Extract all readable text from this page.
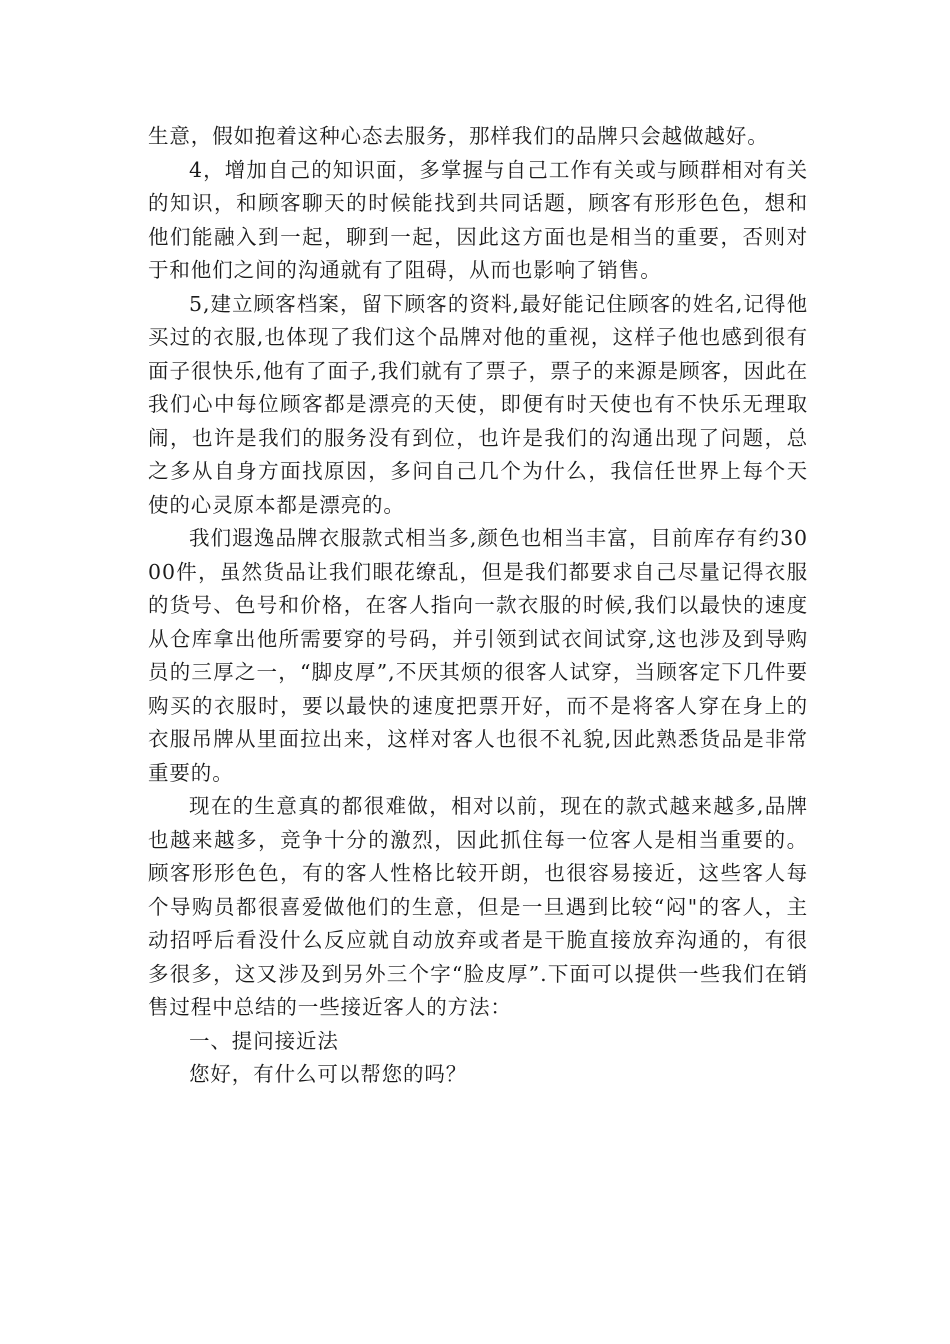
生意，假如抱着这种心态去服务，那样我们的品牌只会越做越好。

4，增加自己的知识面，多掌握与自己工作有关或与顾群相对有关的知识，和顾客聊天的时候能找到共同话题，顾客有形形色色，想和他们能融入到一起，聊到一起，因此这方面也是相当的重要，否则对于和他们之间的沟通就有了阻碍，从而也影响了销售。

5,建立顾客档案，留下顾客的资料,最好能记住顾客的姓名,记得他买过的衣服,也体现了我们这个品牌对他的重视，这样子他也感到很有面子很快乐,他有了面子,我们就有了票子，票子的来源是顾客，因此在我们心中每位顾客都是漂亮的天使，即便有时天使也有不快乐无理取闹，也许是我们的服务没有到位，也许是我们的沟通出现了问题，总之多从自身方面找原因，多问自己几个为什么，我信任世界上每个天使的心灵原本都是漂亮的。

我们遐逸品牌衣服款式相当多,颜色也相当丰富，目前库存有约3000件，虽然货品让我们眼花缭乱，但是我们都要求自己尽量记得衣服的货号、色号和价格，在客人指向一款衣服的时候,我们以最快的速度从仓库拿出他所需要穿的号码，并引领到试衣间试穿,这也涉及到导购员的三厚之一，“脚皮厚”,不厌其烦的很客人试穿，当顾客定下几件要购买的衣服时，要以最快的速度把票开好，而不是将客人穿在身上的衣服吊牌从里面拉出来，这样对客人也很不礼貌,因此熟悉货品是非常重要的。

现在的生意真的都很难做，相对以前，现在的款式越来越多,品牌也越来越多，竞争十分的激烈，因此抓住每一位客人是相当重要的。顾客形形色色，有的客人性格比较开朗，也很容易接近，这些客人每个导购员都很喜爱做他们的生意，但是一旦遇到比较“闷"的客人，主动招呼后看没什么反应就自动放弃或者是干脆直接放弃沟通的，有很多很多，这又涉及到另外三个字“脸皮厚”.下面可以提供一些我们在销售过程中总结的一些接近客人的方法：

一、提问接近法

您好，有什么可以帮您的吗？
